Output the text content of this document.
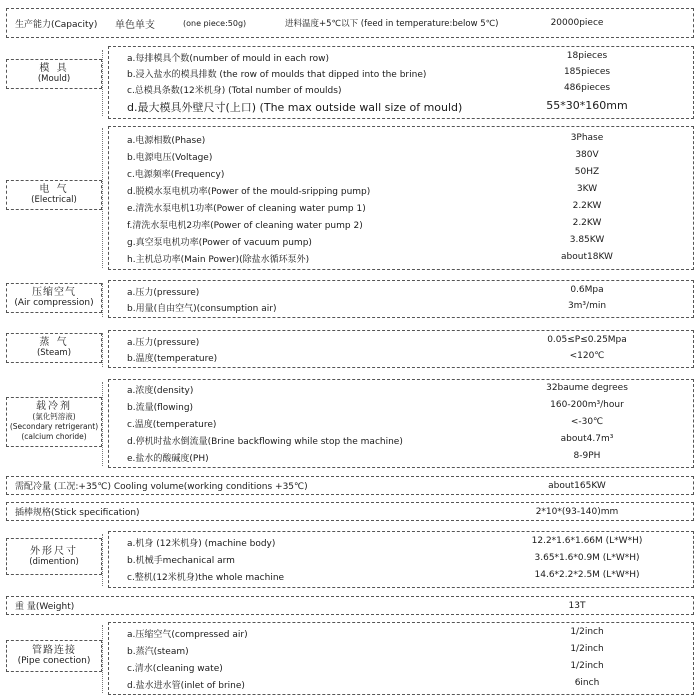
生产能力(Capacity) 单色单支	(one piece:50g)	进料温度+5℃以下 (feed in temperature:below 5℃)	20000piece
模 具
(Mould)
a.每排模具个数(number of mould in each row)	18pieces
b.浸入盐水的模具排数 (the row of moulds that dipped into the brine)	185pieces
c.总模具条数(12米机身) (Total number of moulds)	486pieces
d.最大模具外壁尺寸(上口) (The max outside wall size of mould)	55*30*160mm
电 气
(Electrical)
a.电源相数(Phase)	3Phase
b.电源电压(Voltage)	380V
c.电源频率(Frequency)	50HZ
d.脱模水泵电机功率(Power of the mould-sripping pump)	3KW
e.清洗水泵电机1功率(Power of cleaning water pump 1)	2.2KW
f.清洗水泵电机2功率(Power of cleaning water pump 2)	2.2KW
g.真空泵电机功率(Power of vacuum pump)	3.85KW
h.主机总功率(Main Power)(除盐水循环泵外)	about18KW
压缩空气
(Air compression)
a.压力(pressure)	0.6Mpa
b.用量(自由空气)(consumption air)	3m³/min
蒸 气
(Steam)
a.压力(pressure)	0.05≤P≤0.25Mpa
b.温度(temperature)	<120℃
载冷剂
(氯化钙溶液)
(Secondary retrigerant)
(calcium choride)
a.浓度(density)	32baume degrees
b.流量(flowing)	160-200m³/hour
c.温度(temperature)	<-30℃
d.停机时盐水倒流量(Brine backflowing while stop the machine)	about4.7m³
e.盐水的酸碱度(PH)	8-9PH
需配冷量 (工况:+35℃) Cooling volume(working conditions +35℃)	about165KW
插棒规格(Stick specification)	2*10*(93-140)mm
外形尺寸
(dimention)
a.机身 (12米机身) (machine body)	12.2*1.6*1.66M (L*W*H)
b.机械手mechanical arm	3.65*1.6*0.9M (L*W*H)
c.整机(12米机身)the whole machine	14.6*2.2*2.5M (L*W*H)
重 量(Weight)	13T
管路连接
(Pipe conection)
a.压缩空气(compressed air)	1/2inch
b.蒸汽(steam)	1/2inch
c.清水(cleaning wate)	1/2inch
d.盐水进水管(inlet of brine)	6inch
